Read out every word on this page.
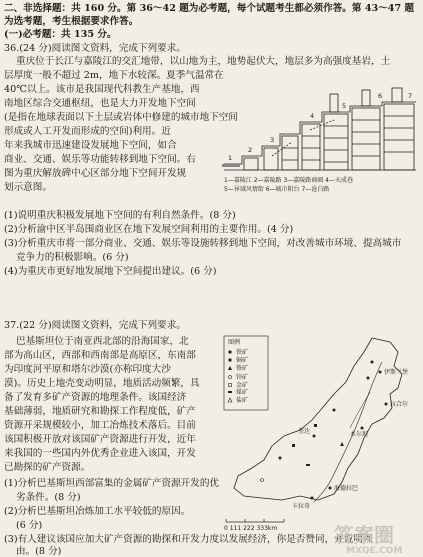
二、非选择题：共 160 分。第 36～42 题为必考题，每个试题考生都必须作答。第 43～47 题
为选考题，考生根据要求作答。
(一)必考题：共 135 分。
36.(24 分)阅读图文资料，完成下列要求。
重庆位于长江与嘉陵江的交汇地带，以山地为主，地势起伏大，地层多为高强度基岩，土
层厚度一般不超过 2m，地下水较深。夏季气温常在
40℃以上。该市是我国现代科教生产基地，西
南地区综合交通枢纽，也是大力开发地下空间
(是指在地球表面以下土层或岩体中修建的城市地下空间
形成或人工开发而形成的空间)利用。近
年来我城市迅速建设发展地下空间，如合
商业、交通、娱乐等功能转移到地下空间。右
图为重庆解放碑中心区部分地下空间开发规
划示意图。
1
2
3
4
5
6	7
1—嘉陵江 2—嘉陵路 3—嘉陵路商圈 4—天成巷
5—异域风情街 6—城市阳台 7—沧白路
(1)说明重庆积极发展地下空间的有利自然条件。(8 分)
(2)分析渝中区半岛围商业区在地下发展空间利用的主要作用。(4 分)
(3)分析重庆市将一部分商业、交通、娱乐等设施转移到地下空间，对改善城市环境、提高城市
竞争力的积极影响。(6 分)
(4)为重庆市更好地发展地下空间提出建议。(6 分)
37.(22 分)阅读图文资料，完成下列要求。
巴基斯坦位于南亚西北部的沿海国家，北
部为高山区，西部和西南部是高原区，东南部
为印度河平原和塔尔沙漠(亦称印度大沙
漠)。历史上地壳变动明显，地质活动频繁，具
备了发育多矿产资源的地理条件。该国经济
基础薄弱，地质研究和勘探工作程度低，矿产
资源开采规模较小，加工冶炼技术落后。目前
该国积极开放对该国矿产资源进行开发，近年
来我国的一些国内外优秀企业进入该国，开发
已勘探的矿产资源。
(1)分析巴基斯坦西部富集的金属矿产资源开发的优
劣条件。(8 分)
(2)分析巴基斯坦冶炼加工水平较低的原因。
(6 分)
(3)有人建议该国应加大矿产资源的勘探和开发力度以发展经济，你是否赞同，并说明理
由。(8 分)
图例
铁矿
铜矿
铬矿
锌矿
金矿
煤矿
盐矿
伊斯兰堡
拉合尔
奎达
卡拉奇
木尔坦
海德拉巴
0 111 222 333km	答案圈
MXQE.COM
